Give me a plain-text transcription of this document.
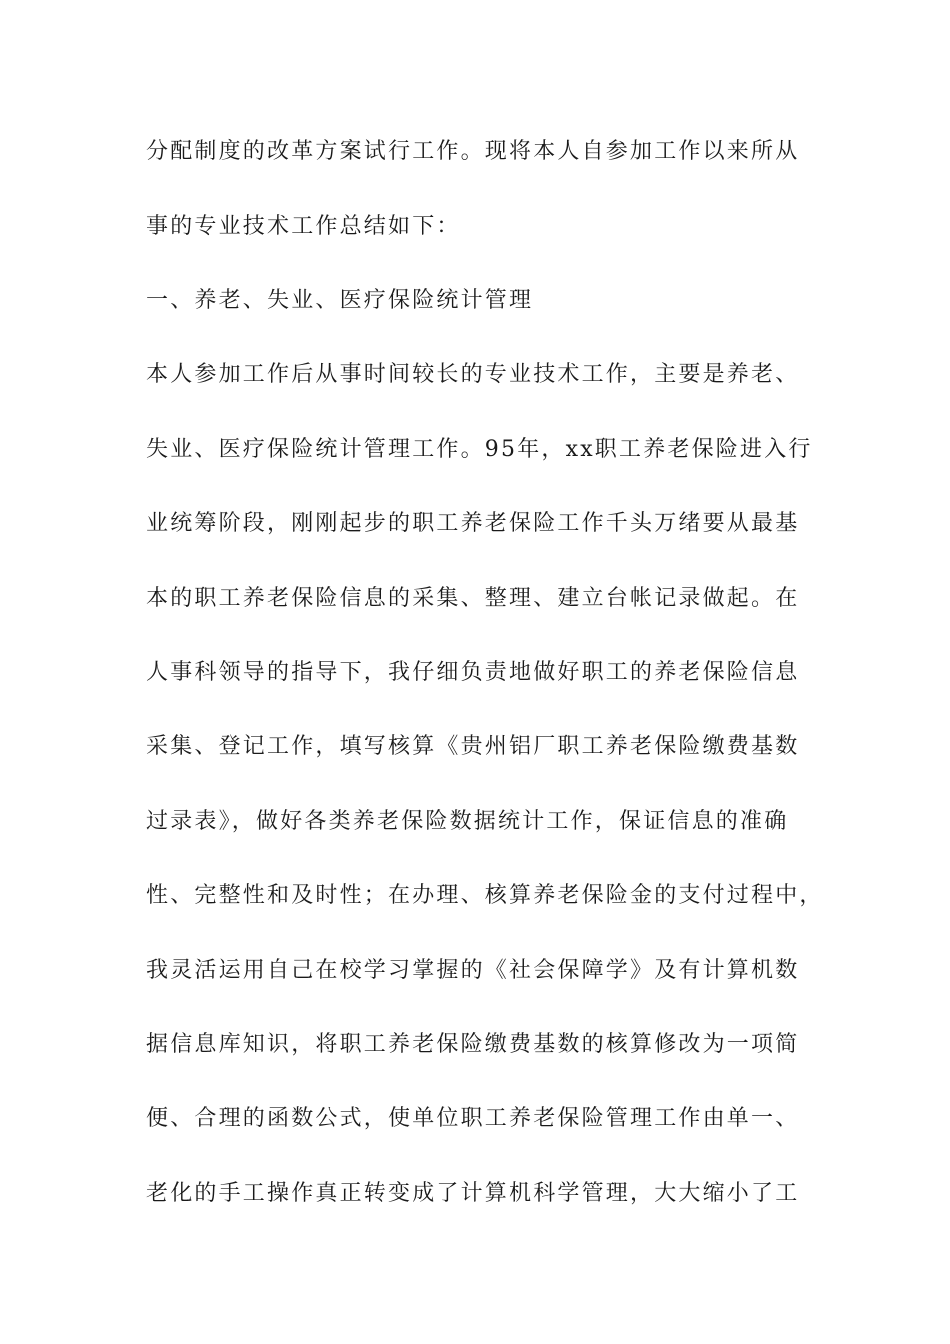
分配制度的改革方案试行工作。现将本人自参加工作以来所从
事的专业技术工作总结如下：
一、养老、失业、医疗保险统计管理
本人参加工作后从事时间较长的专业技术工作，主要是养老、
失业、医疗保险统计管理工作。95年，xx职工养老保险进入行
业统筹阶段，刚刚起步的职工养老保险工作千头万绪要从最基
本的职工养老保险信息的采集、整理、建立台帐记录做起。在
人事科领导的指导下，我仔细负责地做好职工的养老保险信息
采集、登记工作，填写核算《贵州铝厂职工养老保险缴费基数
过录表》，做好各类养老保险数据统计工作，保证信息的准确
性、完整性和及时性；在办理、核算养老保险金的支付过程中，
我灵活运用自己在校学习掌握的《社会保障学》及有计算机数
据信息库知识，将职工养老保险缴费基数的核算修改为一项简
便、合理的函数公式，使单位职工养老保险管理工作由单一、
老化的手工操作真正转变成了计算机科学管理，大大缩小了工
